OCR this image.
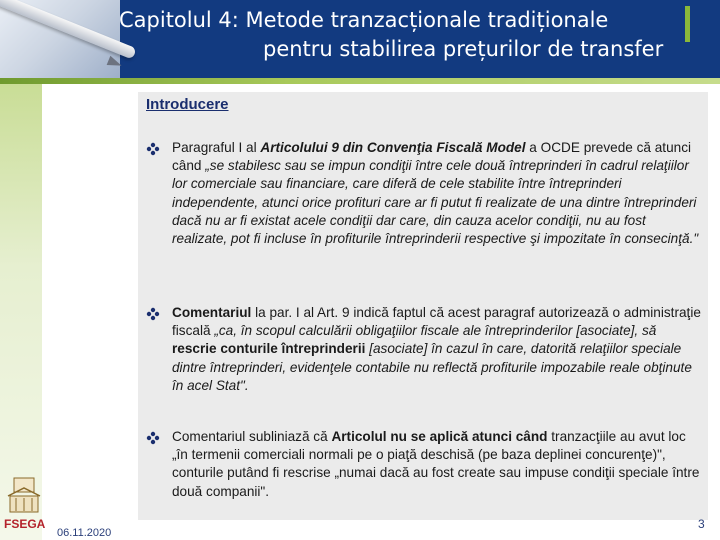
Capitolul 4: Metode tranzacționale tradiționale
pentru stabilirea prețurilor de transfer
Introducere
Paragraful I al Articolului 9 din Convenţia Fiscală Model a OCDE prevede că atunci când „se stabilesc sau se impun condiţii între cele două întreprinderi în cadrul relaţiilor lor comerciale sau financiare, care diferă de cele stabilite între întreprinderi independente, atunci orice profituri care ar fi putut fi realizate de una dintre întreprinderi dacă nu ar fi existat acele condiţii dar care, din cauza acelor condiţii, nu au fost realizate, pot fi incluse în profiturile întreprinderii respective şi impozitate în consecinţă."
Comentariul la par. I al Art. 9 indică faptul că acest paragraf autorizează o administraţie fiscală „ca, în scopul calculării obligaţiilor fiscale ale întreprinderilor [asociate], să rescrie conturile întreprinderii [asociate] în cazul în care, datorită relaţiilor speciale dintre întreprinderi, evidenţele contabile nu reflectă profiturile impozabile reale obţinute în acel Stat".
Comentariul subliniază că Articolul nu se aplică atunci când tranzacţiile au avut loc „în termenii comerciali normali pe o piaţă deschisă (pe baza deplinei concurenţe)", conturile putând fi rescrise „numai dacă au fost create sau impuse condiţii speciale între două companii".
FSEGA
06.11.2020
3
